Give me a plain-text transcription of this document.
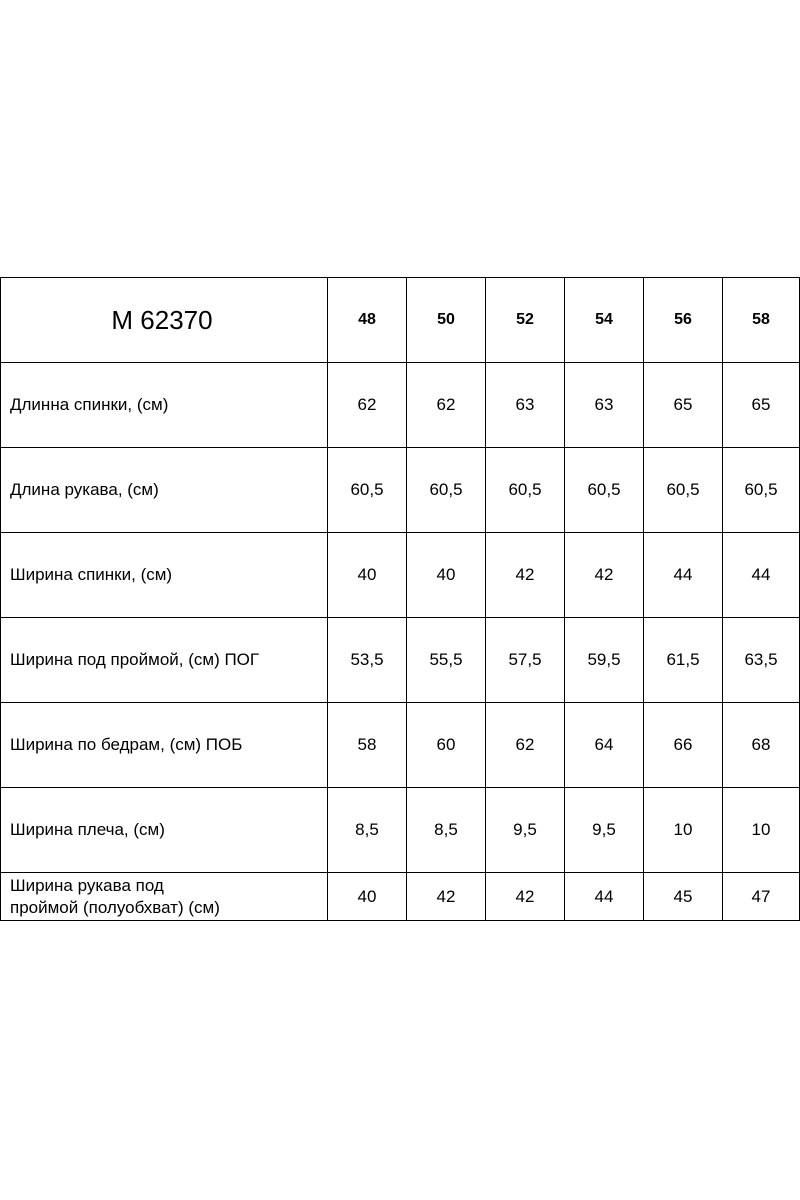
M 62370	48	50	52	54	56	58
Длинна спинки, (см)	62	62	63	63	65	65
Длина рукава, (см)	60,5	60,5	60,5	60,5	60,5	60,5
Ширина спинки, (см)	40	40	42	42	44	44
Ширина под проймой, (см) ПОГ	53,5	55,5	57,5	59,5	61,5	63,5
Ширина по бедрам, (см) ПОБ	58	60	62	64	66	68
Ширина плеча, (см)	8,5	8,5	9,5	9,5	10	10

Ширина рукава под
проймой (полуобхват) (см)	40	42	42	44	45	47
